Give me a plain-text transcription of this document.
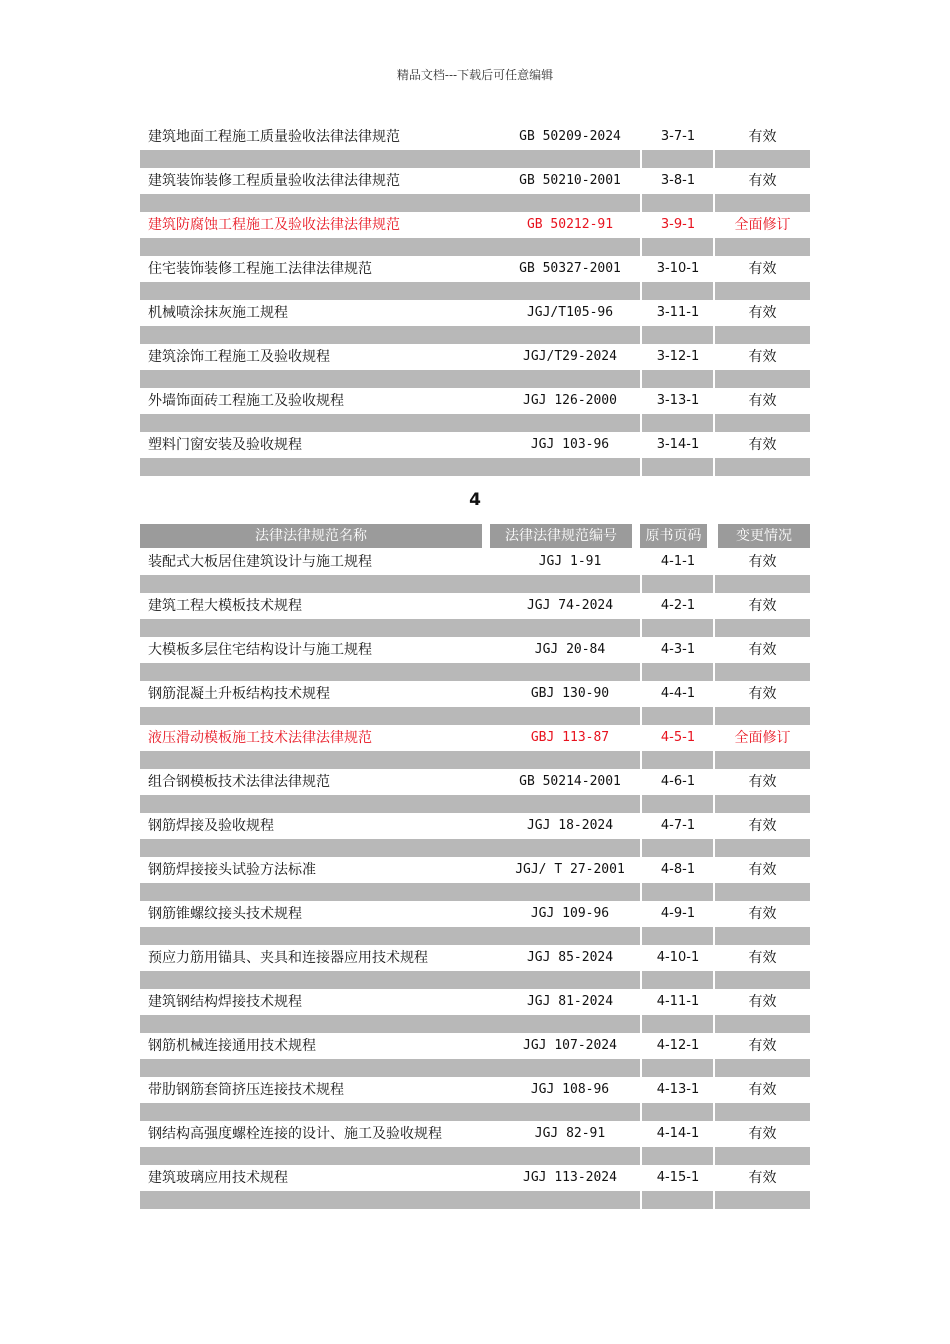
精品文档---下载后可任意编辑
建筑地面工程施工质量验收法律法律规范	GB 50209-2024	3-7-1	有效
建筑装饰装修工程质量验收法律法律规范	GB 50210-2001	3-8-1	有效
建筑防腐蚀工程施工及验收法律法律规范	GB 50212-91	3-9-1	全面修订
住宅装饰装修工程施工法律法律规范	GB 50327-2001	3-10-1	有效
机械喷涂抹灰施工规程	JGJ/T105-96	3-11-1	有效
建筑涂饰工程施工及验收规程	JGJ/T29-2024	3-12-1	有效
外墙饰面砖工程施工及验收规程	JGJ 126-2000	3-13-1	有效
塑料门窗安装及验收规程	JGJ 103-96	3-14-1	有效
4
法律法律规范名称	法律法律规范编号	原书页码	变更情况
装配式大板居住建筑设计与施工规程	JGJ 1-91	4-1-1	有效
建筑工程大模板技术规程	JGJ 74-2024	4-2-1	有效
大模板多层住宅结构设计与施工规程	JGJ 20-84	4-3-1	有效
钢筋混凝土升板结构技术规程	GBJ 130-90	4-4-1	有效
液压滑动模板施工技术法律法律规范	GBJ 113-87	4-5-1	全面修订
组合钢模板技术法律法律规范	GB 50214-2001	4-6-1	有效
钢筋焊接及验收规程	JGJ 18-2024	4-7-1	有效
钢筋焊接接头试验方法标准	JGJ/ T 27-2001	4-8-1	有效
钢筋锥螺纹接头技术规程	JGJ 109-96	4-9-1	有效
预应力筋用锚具、夹具和连接器应用技术规程	JGJ 85-2024	4-10-1	有效
建筑钢结构焊接技术规程	JGJ 81-2024	4-11-1	有效
钢筋机械连接通用技术规程	JGJ 107-2024	4-12-1	有效
带肋钢筋套筒挤压连接技术规程	JGJ 108-96	4-13-1	有效
钢结构高强度螺栓连接的设计、施工及验收规程	JGJ 82-91	4-14-1	有效
建筑玻璃应用技术规程	JGJ 113-2024	4-15-1	有效
